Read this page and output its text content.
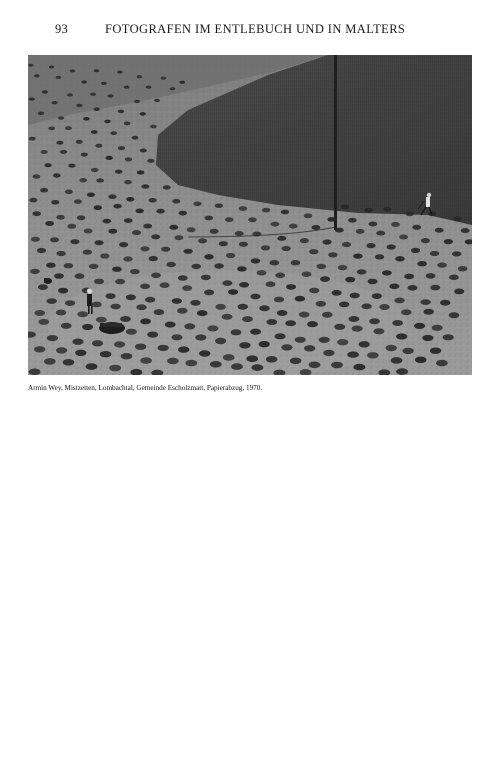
93	FOTOGRAFEN IM ENTLEBUCH UND IN MALTERS
Armin Wey, Mistzetten, Lombachtal, Gemeinde Escholzmatt, Papierabzug, 1970.
